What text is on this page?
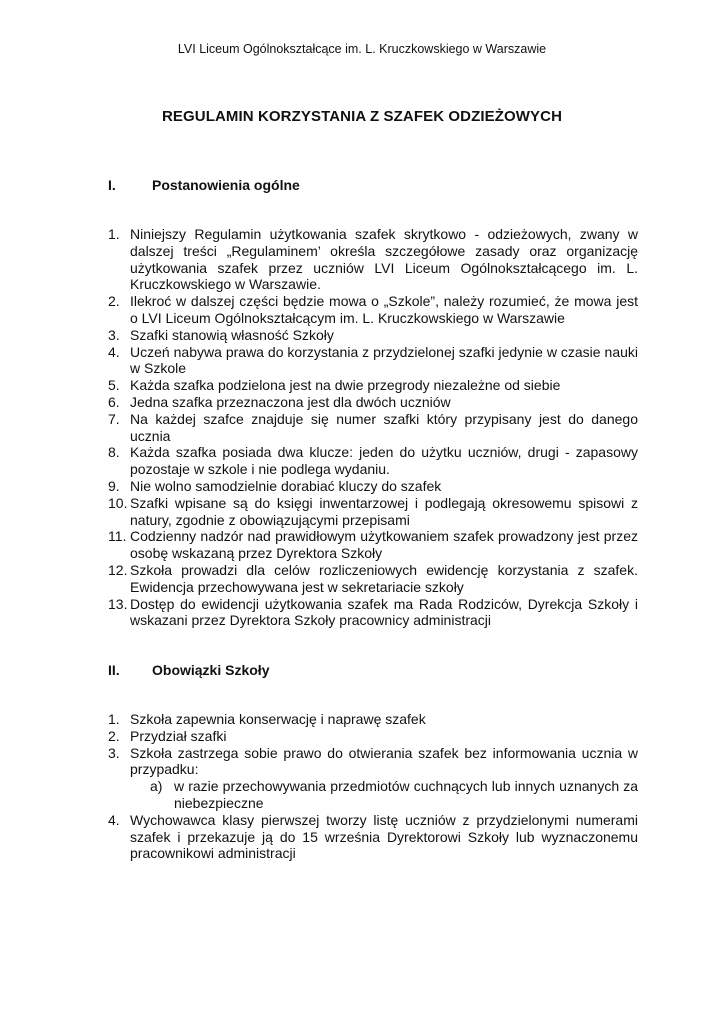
LVI Liceum Ogólnokształcące im. L. Kruczkowskiego w Warszawie
REGULAMIN KORZYSTANIA Z SZAFEK ODZIEŻOWYCH
I.	Postanowienia ogólne
1. Niniejszy Regulamin użytkowania szafek skrytkowo - odzieżowych, zwany w dalszej treści „Regulaminem’ określa szczegółowe zasady oraz organizację użytkowania szafek przez uczniów LVI Liceum Ogólnokształcącego im. L. Kruczkowskiego w Warszawie.
2. Ilekroć w dalszej części będzie mowa o „Szkole”, należy rozumieć, że mowa jest o LVI Liceum Ogólnokształcącym im. L. Kruczkowskiego w Warszawie
3. Szafki stanowią własność Szkoły
4. Uczeń nabywa prawa do korzystania z przydzielonej szafki jedynie w czasie nauki w Szkole
5. Każda szafka podzielona jest na dwie przegrody niezależne od siebie
6. Jedna szafka przeznaczona jest dla dwóch uczniów
7. Na każdej szafce znajduje się numer szafki który przypisany jest do danego ucznia
8. Każda szafka posiada dwa klucze: jeden do użytku uczniów, drugi - zapasowy pozostaje w szkole i nie podlega wydaniu.
9. Nie wolno samodzielnie dorabiać kluczy do szafek
10. Szafki wpisane są do księgi inwentarzowej i podlegają okresowemu spisowi z natury, zgodnie z obowiązującymi przepisami
11. Codzienny nadzór nad prawidłowym użytkowaniem szafek prowadzony jest przez osobę wskazaną przez Dyrektora Szkoły
12. Szkoła prowadzi dla celów rozliczeniowych ewidencję korzystania z szafek. Ewidencja przechowywana jest w sekretariacie szkoły
13. Dostęp do ewidencji użytkowania szafek ma Rada Rodziców, Dyrekcja Szkoły i wskazani przez Dyrektora Szkoły pracownicy administracji
II. Obowiązki Szkoły
1. Szkoła zapewnia konserwację i naprawę szafek
2. Przydział szafki
3. Szkoła zastrzega sobie prawo do otwierania szafek bez informowania ucznia w przypadku:
a) w razie przechowywania przedmiotów cuchnących lub innych uznanych za niebezpieczne
4. Wychowawca klasy pierwszej tworzy listę uczniów z przydzielonymi numerami szafek i przekazuje ją do 15 września Dyrektorowi Szkoły lub wyznaczonemu pracownikowi administracji
